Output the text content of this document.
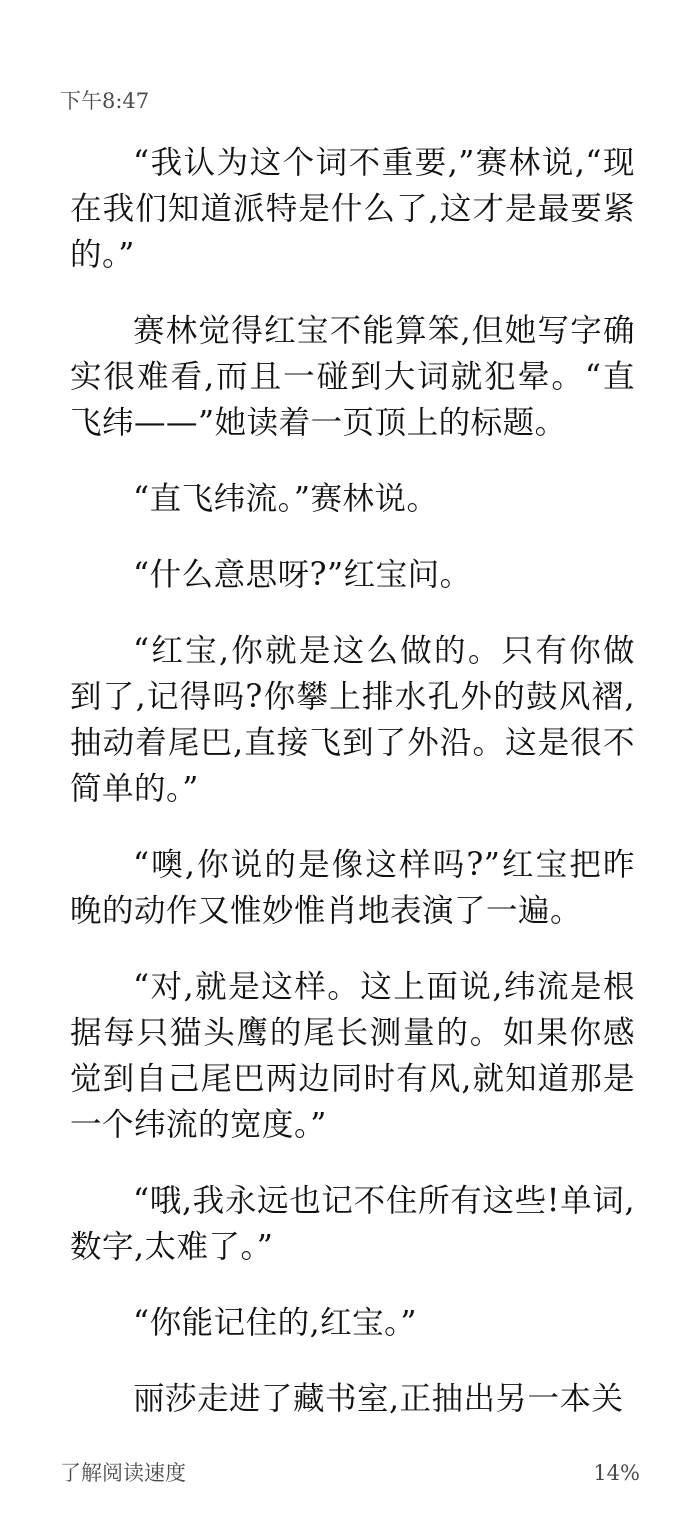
下午8:47

“我认为这个词不重要,”赛林说,“现在我们知道派特是什么了,这才是最要紧的。”

赛林觉得红宝不能算笨,但她写字确实很难看,而且一碰到大词就犯晕。“直飞纬——”她读着一页顶上的标题。

“直飞纬流。”赛林说。

“什么意思呀?”红宝问。

“红宝,你就是这么做的。只有你做到了,记得吗?你攀上排水孔外的鼓风褶,抽动着尾巴,直接飞到了外沿。这是很不简单的。”

“噢,你说的是像这样吗?”红宝把昨晚的动作又惟妙惟肖地表演了一遍。

“对,就是这样。这上面说,纬流是根据每只猫头鹰的尾长测量的。如果你感觉到自己尾巴两边同时有风,就知道那是一个纬流的宽度。”

“哦,我永远也记不住所有这些!单词,数字,太难了。”

“你能记住的,红宝。”

丽莎走进了藏书室,正抽出另一本关

了解阅读速度	14%
